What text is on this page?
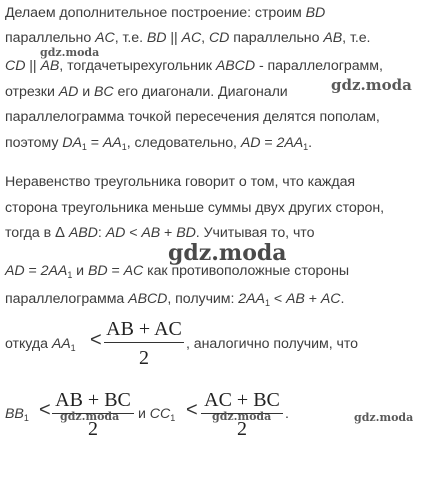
Делаем дополнительное построение: строим BD
параллельно AC, т.е. BD || AC, CD параллельно AB, т.е.
CD || AB, тогдачетырехугольник ABCD - параллелограмм,
отрезки AD и BC его диагонали. Диагонали
параллелограмма точкой пересечения делятся пополам,
поэтому $DA_1 = AA_1$, следовательно, AD = $2AA_1$.
Неравенство треугольника говорит о том, что каждая
сторона треугольника меньше суммы двух других сторон,
тогда в Δ ABD: AD < AB + BD. Учитывая то, что
AD = $2AA_1$ и BD = AC как противоположные стороны
параллелограмма ABCD, получим: $2AA_1$ < AB + AC.
откуда $AA_1$ < AB + AC
2
, аналогично получим, что
$BB_1$ < AB + BC
2
и $CC_1$ < AC + BC
2
.
gdz.moda
gdz.moda
gdz.moda
gdz.moda	gdz.moda	gdz.moda
